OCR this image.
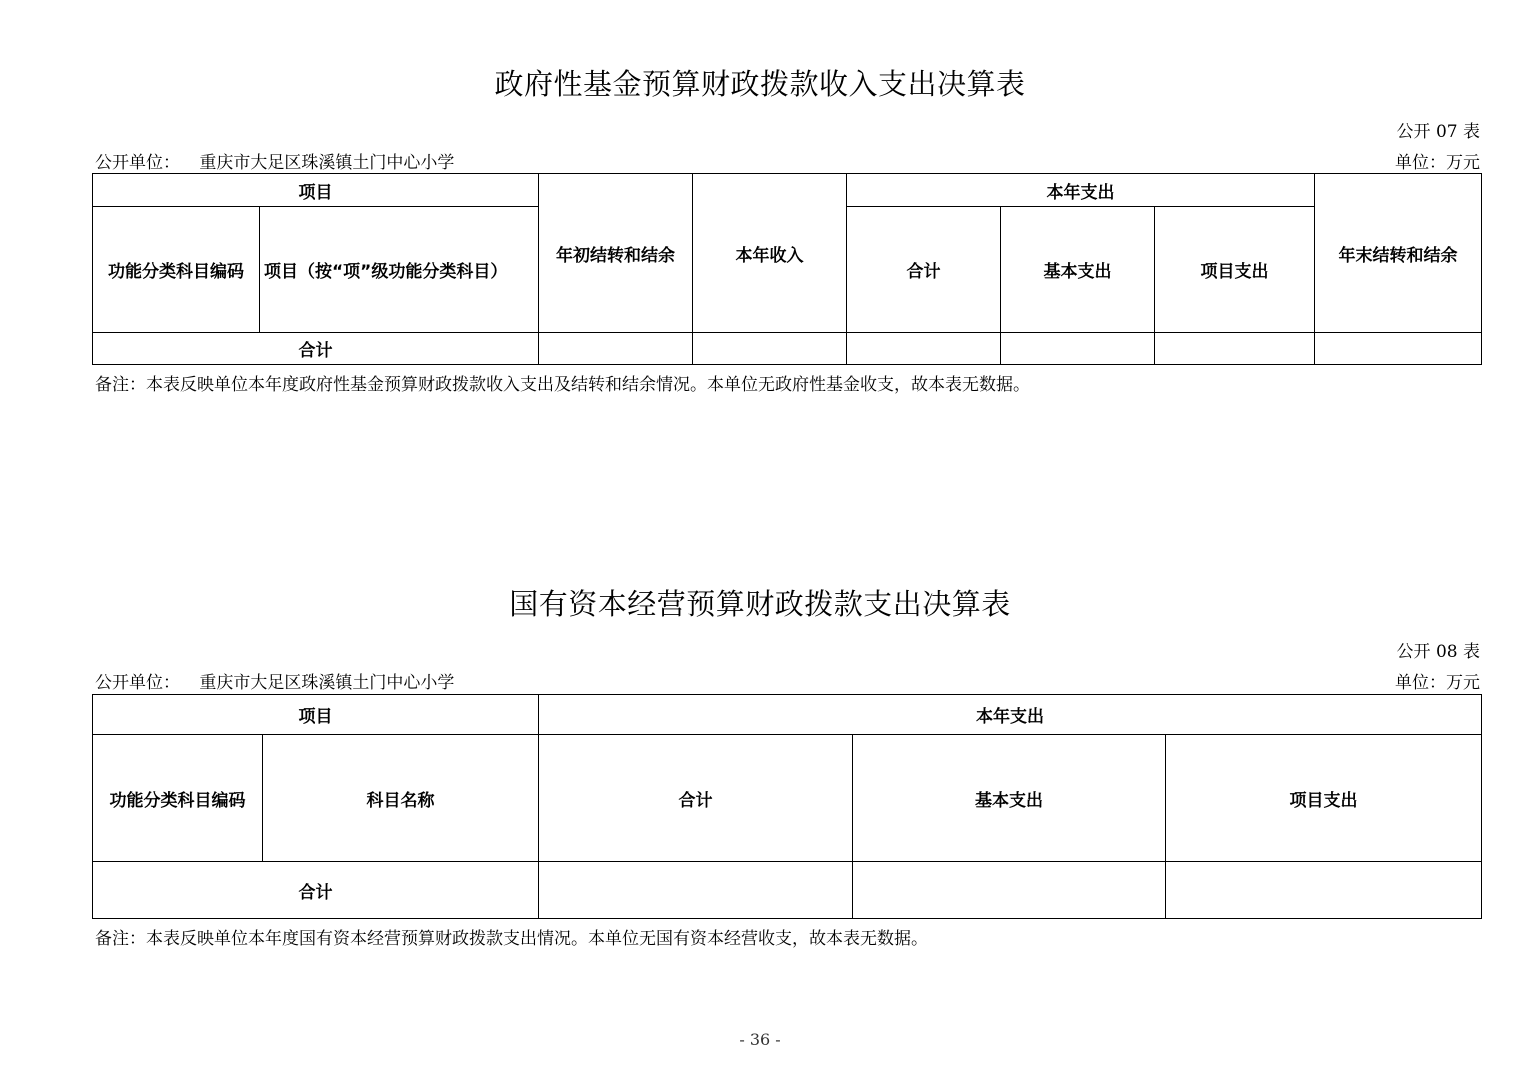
政府性基金预算财政拨款收入支出决算表
公开 07 表
公开单位： 重庆市大足区珠溪镇土门中心小学	单位：万元
项目		年初结转和结余	本年收入	本年支出			年末结转和结余
功能分类科目编码	项目（按“项”级功能分类科目）			合计	基本支出	项目支出	
合计							
备注：本表反映单位本年度政府性基金预算财政拨款收入支出及结转和结余情况。本单位无政府性基金收支，故本表无数据。
国有资本经营预算财政拨款支出决算表
公开 08 表
公开单位： 重庆市大足区珠溪镇土门中心小学	单位：万元
项目		本年支出		
功能分类科目编码	科目名称	合计	基本支出	项目支出
合计				
备注：本表反映单位本年度国有资本经营预算财政拨款支出情况。本单位无国有资本经营收支，故本表无数据。
- 36 -
